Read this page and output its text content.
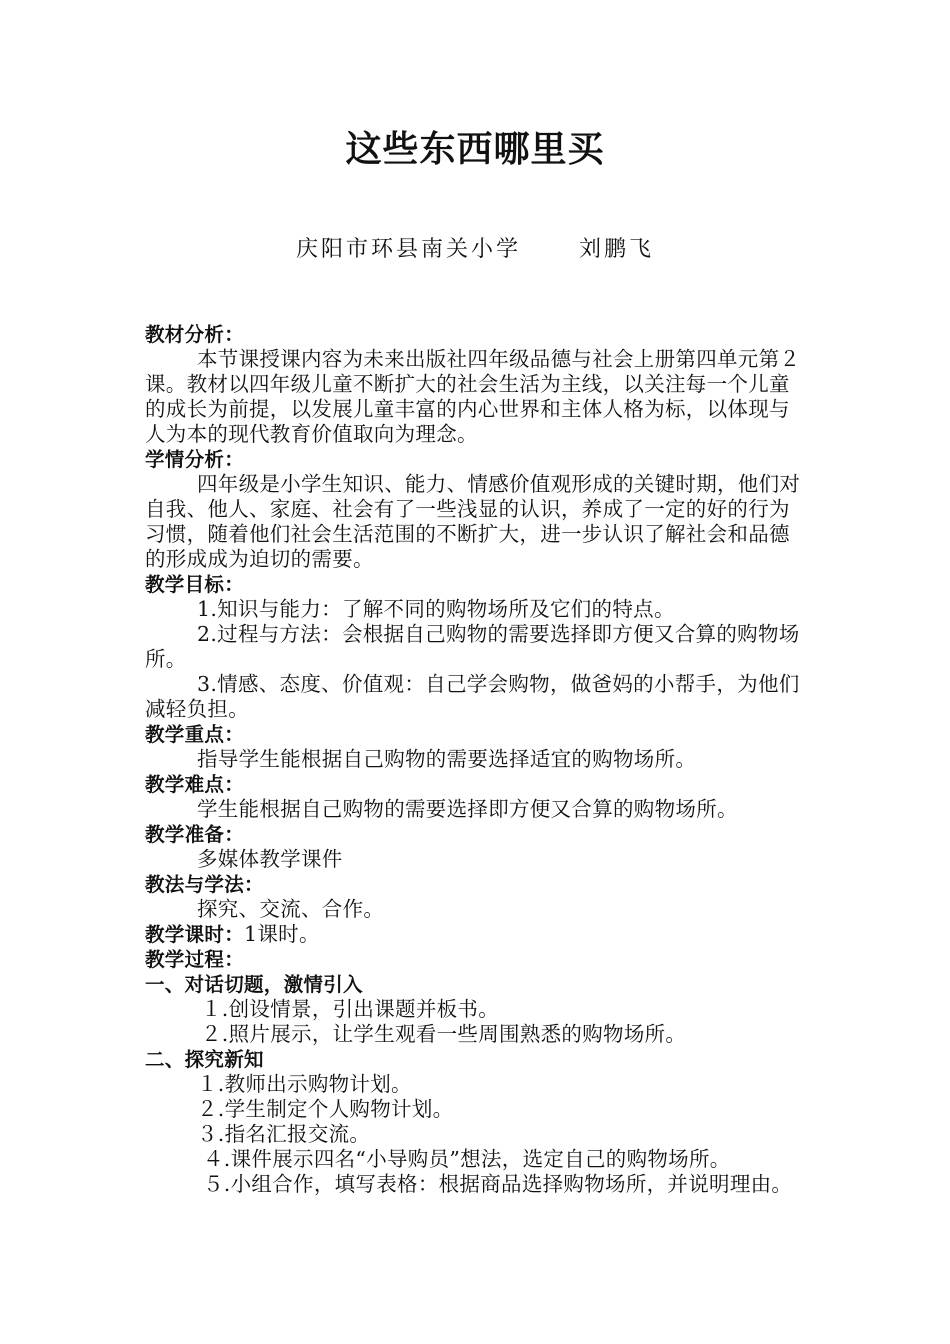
这些东西哪里买
庆阳市环县南关小学	刘鹏飞

教材分析：

本节课授课内容为未来出版社四年级品德与社会上册第四单元第２课。教材以四年级儿童不断扩大的社会生活为主线，以关注每一个儿童的成长为前提，以发展儿童丰富的内心世界和主体人格为标，以体现与人为本的现代教育价值取向为理念。

学情分析：

四年级是小学生知识、能力、情感价值观形成的关键时期，他们对自我、他人、家庭、社会有了一些浅显的认识，养成了一定的好的行为习惯，随着他们社会生活范围的不断扩大，进一步认识了解社会和品德的形成成为迫切的需要。

教学目标：

1.知识与能力：了解不同的购物场所及它们的特点。

2.过程与方法：会根据自己购物的需要选择即方便又合算的购物场所。

3.情感、态度、价值观：自己学会购物，做爸妈的小帮手，为他们减轻负担。

教学重点：

指导学生能根据自己购物的需要选择适宜的购物场所。

教学难点：

学生能根据自己购物的需要选择即方便又合算的购物场所。

教学准备：

多媒体教学课件

教法与学法：

探究、交流、合作。

教学课时：1课时。

教学过程：

一、对话切题，激情引入

１.创设情景，引出课题并板书。

２.照片展示，让学生观看一些周围熟悉的购物场所。

二、探究新知

１.教师出示购物计划。

２.学生制定个人购物计划。

３.指名汇报交流。

４.课件展示四名“小导购员”想法，选定自己的购物场所。

５.小组合作，填写表格：根据商品选择购物场所，并说明理由。
